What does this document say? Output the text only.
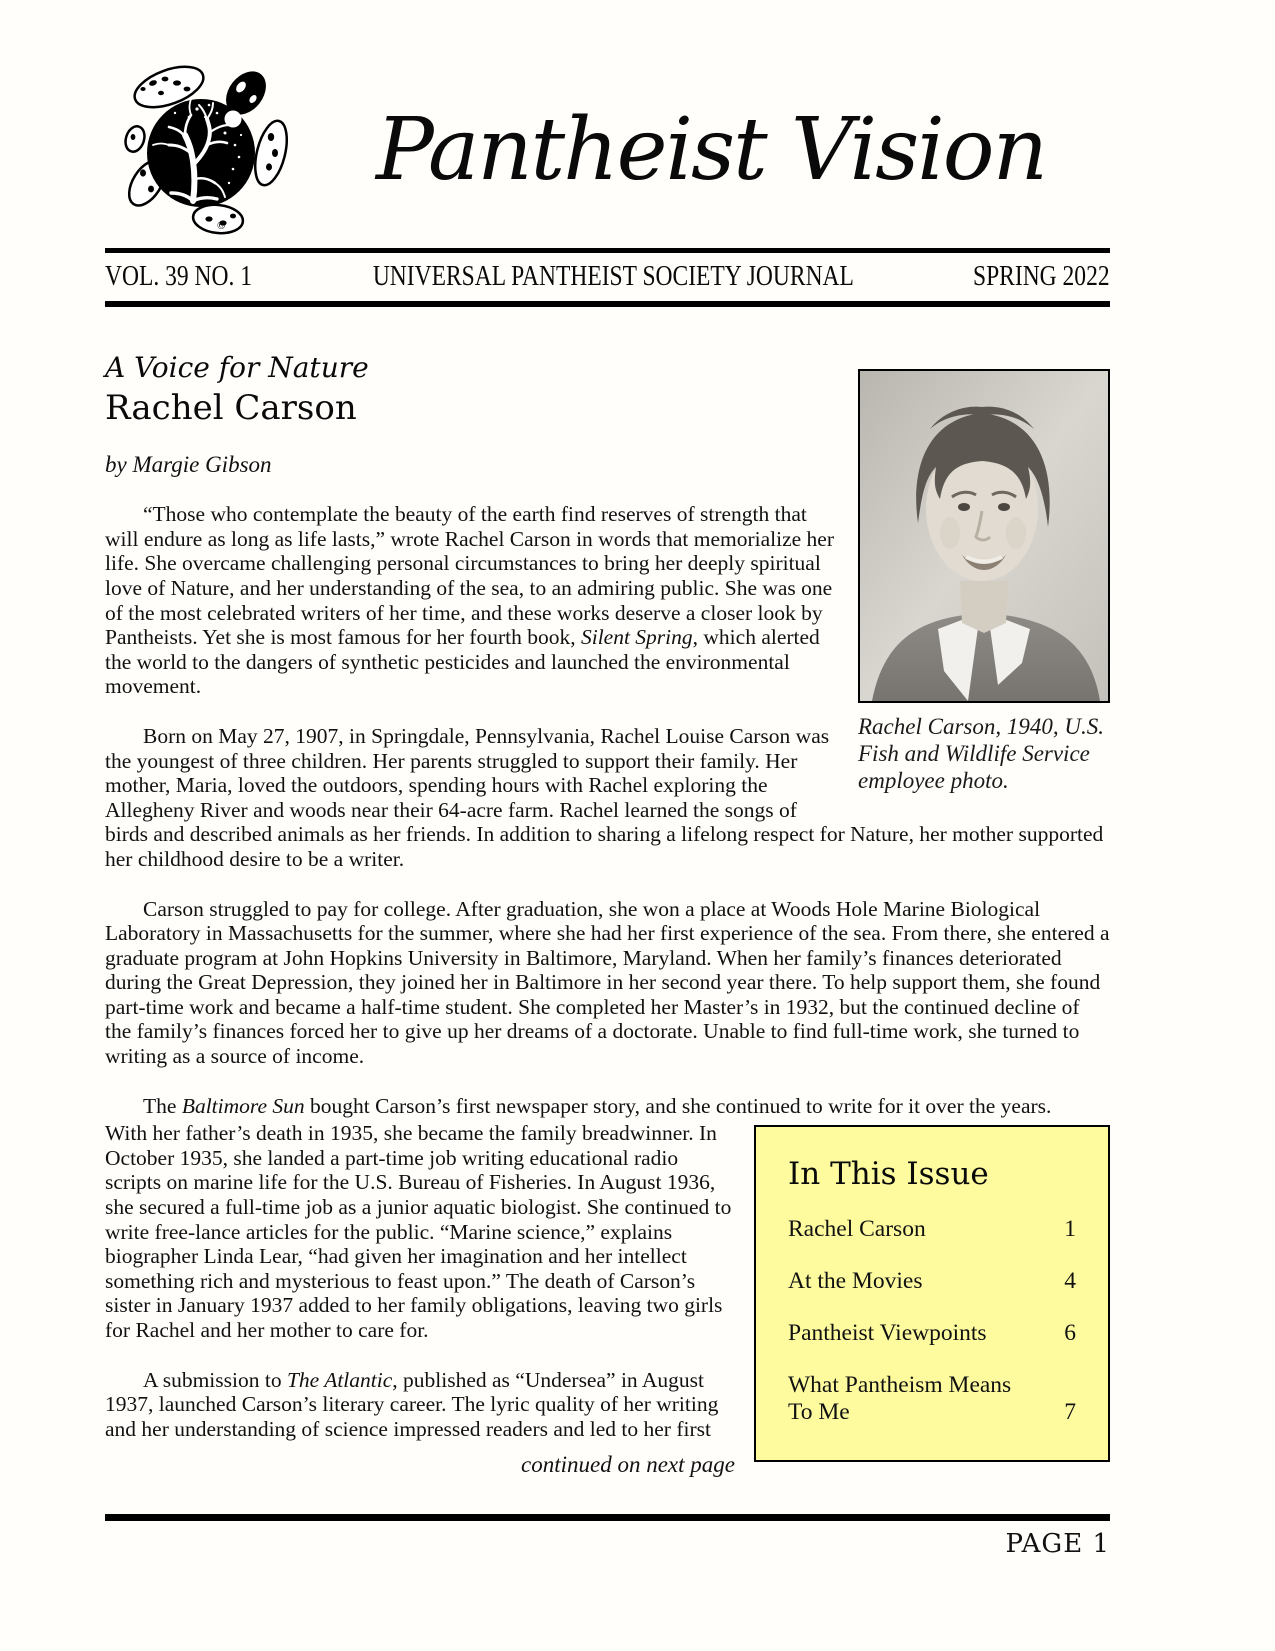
©
Pantheist Vision
VOL. 39 NO. 1	UNIVERSAL PANTHEIST SOCIETY JOURNAL	SPRING 2022
Rachel Carson, 1940, U.S. Fish and Wildlife Service employee photo.
A Voice for Nature
Rachel Carson
by Margie Gibson

“Those who contemplate the beauty of the earth find reserves of strength that will endure as long as life lasts,” wrote Rachel Carson in words that memorialize her life. She overcame challenging personal circumstances to bring her deeply spiritual love of Nature, and her understanding of the sea, to an admiring public. She was one of the most celebrated writers of her time, and these works deserve a closer look by Pantheists. Yet she is most famous for her fourth book, Silent Spring, which alerted the world to the dangers of synthetic pesticides and launched the environmental movement.

Born on May 27, 1907, in Springdale, Pennsylvania, Rachel Louise Carson was the youngest of three children. Her parents struggled to support their family. Her mother, Maria, loved the outdoors, spending hours with Rachel exploring the Allegheny River and woods near their 64-acre farm. Rachel learned the songs of birds and described animals as her friends. In addition to sharing a lifelong respect for Nature, her mother supported her childhood desire to be a writer.

Carson struggled to pay for college. After graduation, she won a place at Woods Hole Marine Biological Laboratory in Massachusetts for the summer, where she had her first experience of the sea. From there, she entered a graduate program at John Hopkins University in Baltimore, Maryland. When her family’s finances deteriorated during the Great Depression, they joined her in Baltimore in her second year there. To help support them, she found part-time work and became a half-time student. She completed her Master’s in 1932, but the continued decline of the family’s finances forced her to give up her dreams of a doctorate. Unable to find full-time work, she turned to writing as a source of income.

The Baltimore Sun bought Carson’s first newspaper story, and she continued to write for it over the years.

With her father’s death in 1935, she became the family breadwinner. In October 1935, she landed a part-time job writing educational radio scripts on marine life for the U.S. Bureau of Fisheries. In August 1936, she secured a full-time job as a junior aquatic biologist. She continued to write free-lance articles for the public. “Marine science,” explains biographer Linda Lear, “had given her imagination and her intellect something rich and mysterious to feast upon.” The death of Carson’s sister in January 1937 added to her family obligations, leaving two girls for Rachel and her mother to care for.

A submission to The Atlantic, published as “Undersea” in August 1937, launched Carson’s literary career. The lyric quality of her writing and her understanding of science impressed readers and led to her first

continued on next page
In This Issue
Rachel Carson	1
At the Movies	4
Pantheist Viewpoints	6
What Pantheism Means To Me	7
PAGE 1
